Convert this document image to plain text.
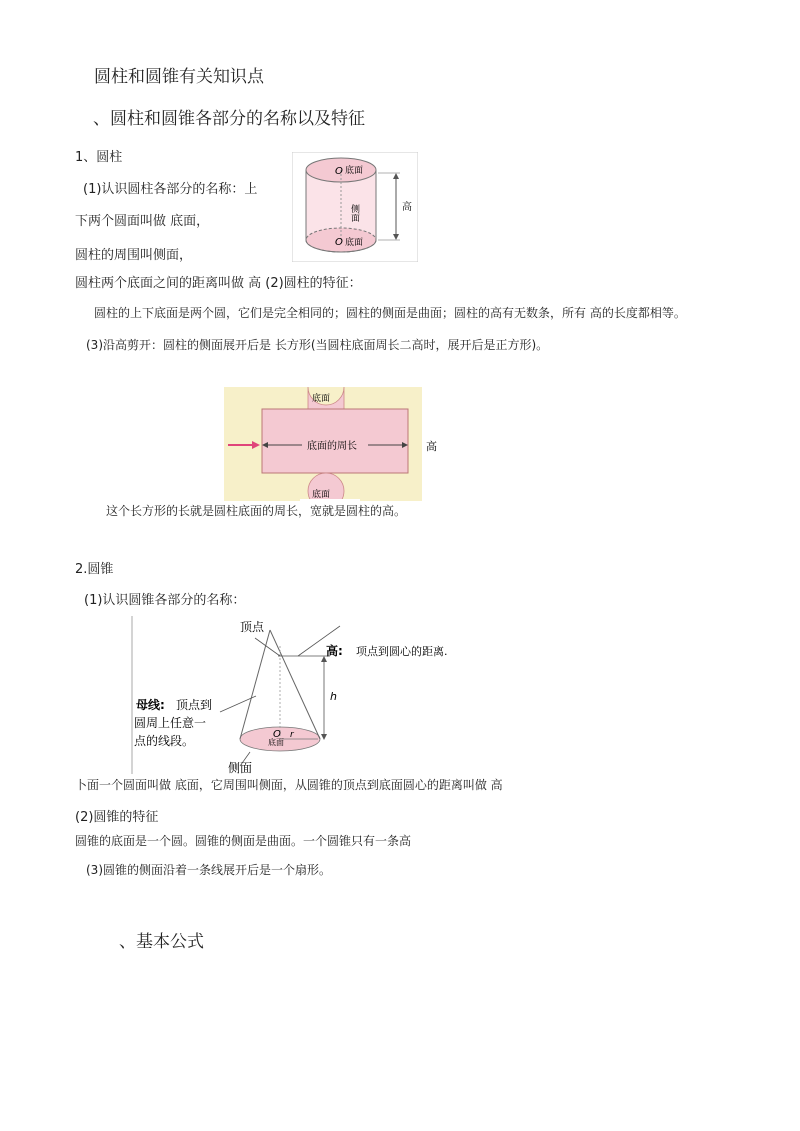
圆柱和圆锥有关知识点
、圆柱和圆锥各部分的名称以及特征
1、圆柱
(1)认识圆柱各部分的名称：上
下两个圆面叫做 底面，
圆柱的周围叫侧面，
圆柱两个底面之间的距离叫做 高 (2)圆柱的特征：
圆柱的上下底面是两个圆，它们是完全相同的；圆柱的侧面是曲面；圆柱的高有无数条，所有 高的长度都相等。
(3)沿高剪开：圆柱的侧面展开后是 长方形(当圆柱底面周长二高时，展开后是正方形)。
O 底面
O 底面
侧面	高
底面
底面的周长
底面
高
这个长方形的长就是圆柱底面的周长，宽就是圆柱的高。
2.圆锥
(1)认识圆锥各部分的名称：
顶点
高: 项点到圆心的距离.
母线: 顶点到
圆周上任意一
点的线段。
侧面
底面
O r
h
卜面一个圆面叫做 底面，它周围叫侧面，从圆锥的顶点到底面圆心的距离叫做 高
(2)圆锥的特征
圆锥的底面是一个圆。圆锥的侧面是曲面。一个圆锥只有一条高
(3)圆锥的侧面沿着一条线展开后是一个扇形。
、基本公式
